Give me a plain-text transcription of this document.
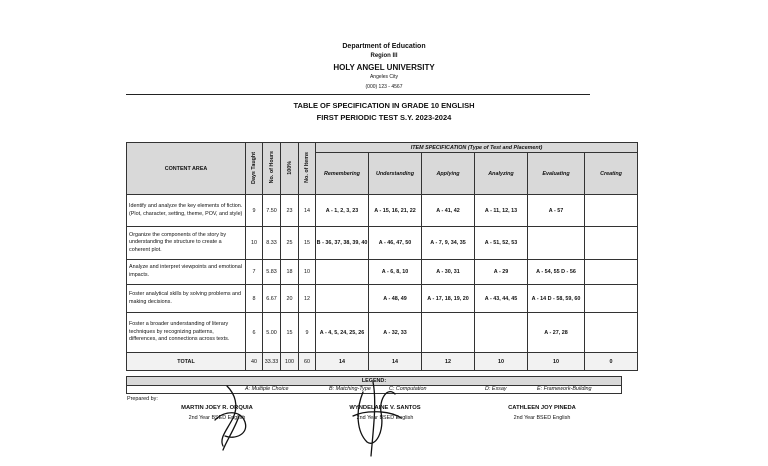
Department of Education
Region III
HOLY ANGEL UNIVERSITY
Angeles City
(000) 123 - 4567
TABLE OF SPECIFICATION IN GRADE 10 ENGLISH
FIRST PERIODIC TEST S.Y. 2023-2024
CONTENT AREA	Days Taught	No. of Hours	100%	No. of Items	ITEM SPECIFICATION (Type of Test and Placement)					
					Remembering	Understanding	Applying	Analyzing	Evaluating	Creating
Identify and analyze the key elements of fiction. (Plot, character, setting, theme, POV, and style)	9	7.50	23	14	A - 1, 2, 3, 23	A - 15, 16, 21, 22	A - 41, 42	A - 11, 12, 13	A - 57	
Organize the components of the story by understanding the structure to create a coherent plot.	10	8.33	25	15	B - 36, 37, 38, 39, 40	A - 46, 47, 50	A - 7, 9, 34, 35	A - 51, 52, 53		
Analyze and interpret viewpoints and emotional impacts.	7	5.83	18	10		A - 6, 8, 10	A - 30, 31	A - 29	A - 54, 55 D - 56	
Foster analytical skills by solving problems and making decisions.	8	6.67	20	12		A - 48, 49	A - 17, 18, 19, 20	A - 43, 44, 45	A - 14 D - 58, 59, 60	
Foster a broader understanding of literary techniques by recognizing patterns, differences, and connections across texts.	6	5.00	15	9	A - 4, 5, 24, 25, 26	A - 32, 33			A - 27, 28	
TOTAL	40	33.33	100	60	14	14	12	10	10	0
LEGEND:
A: Multiple Choice	B: Matching-Type	C: Computation	D: Essay	E: Framework-Building
Prepared by:
MARTIN JOEY R. ORQUIA
2nd Year BSED English
WYNDELAINE V. SANTOS
2nd Year BSED English
CATHLEEN JOY PINEDA
2nd Year BSED English
